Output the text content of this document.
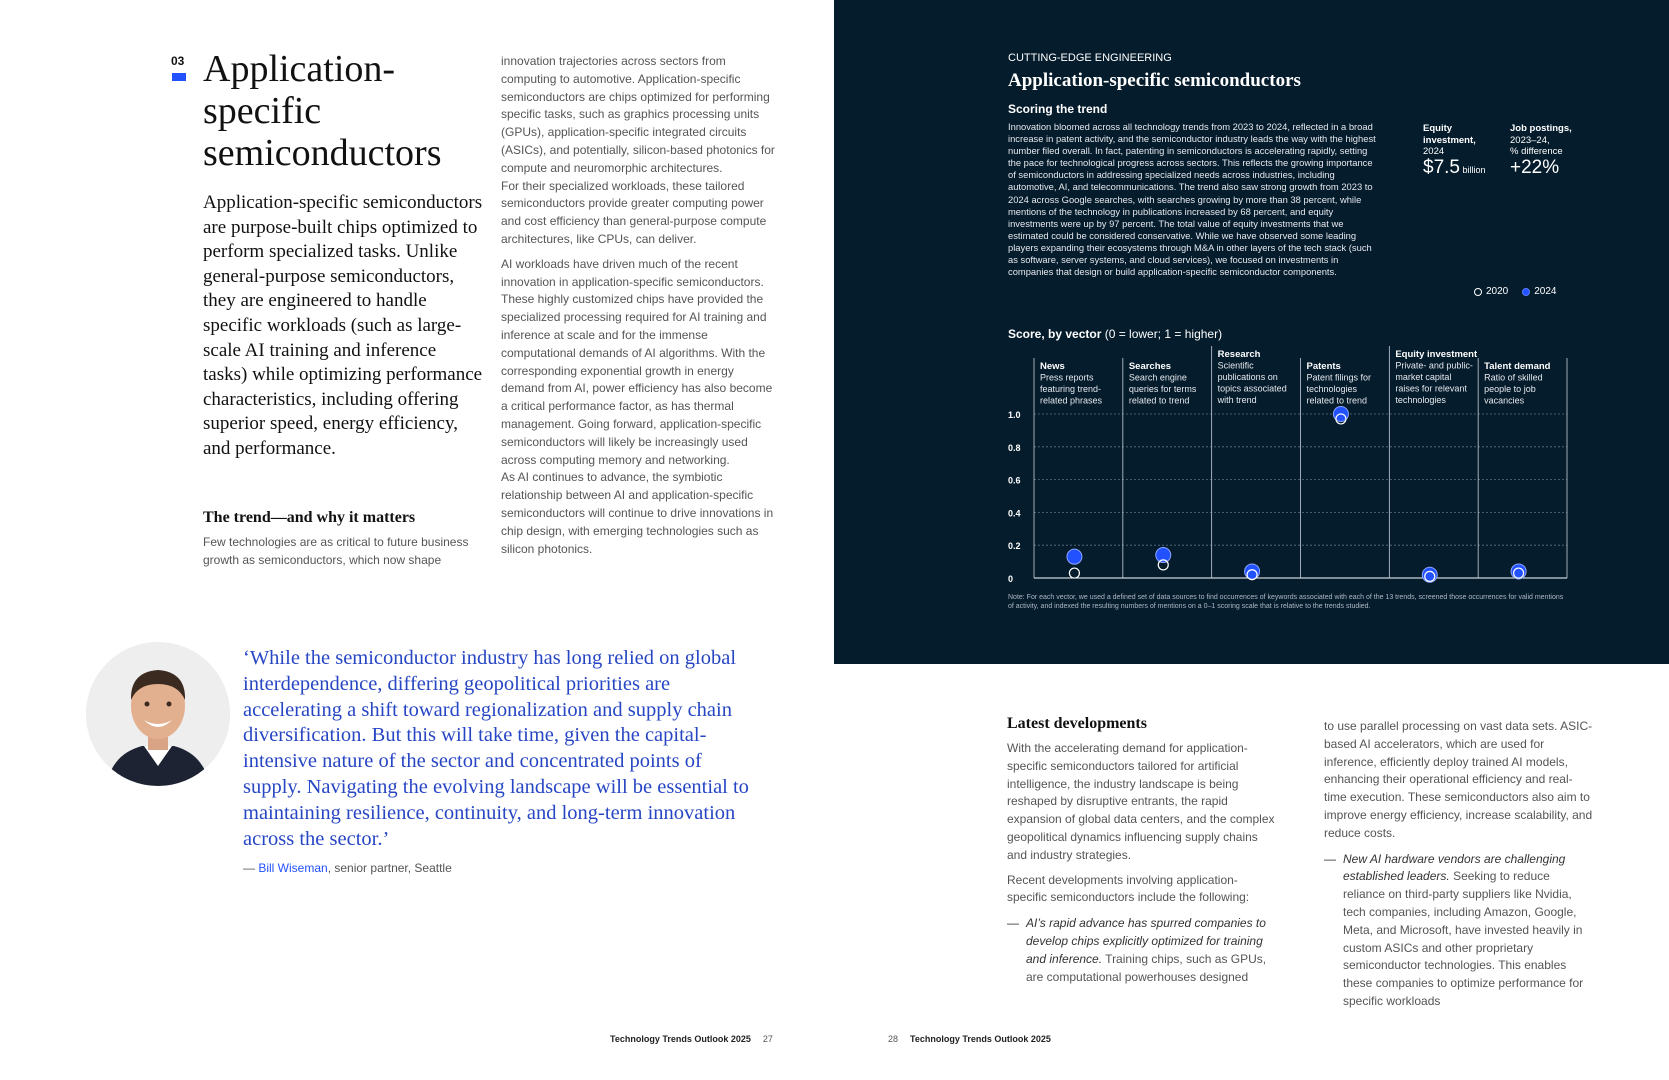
03 Application-specific semiconductors

Application-specific semiconductors are purpose-built chips optimized to perform specialized tasks. Unlike general-purpose semiconductors, they are engineered to handle specific workloads (such as large-scale AI training and inference tasks) while optimizing performance characteristics, including offering superior speed, energy efficiency, and performance.

The trend—and why it matters

Few technologies are as critical to future business growth as semiconductors, which now shape

innovation trajectories across sectors from computing to automotive. Application-specific semiconductors are chips optimized for performing specific tasks, such as graphics processing units (GPUs), application-specific integrated circuits (ASICs), and potentially, silicon-based photonics for compute and neuromorphic architectures.

For their specialized workloads, these tailored semiconductors provide greater computing power and cost efficiency than general-purpose compute architectures, like CPUs, can deliver.

AI workloads have driven much of the recent innovation in application-specific semiconductors. These highly customized chips have provided the specialized processing required for AI training and inference at scale and for the immense computational demands of AI algorithms. With the corresponding exponential growth in energy demand from AI, power efficiency has also become a critical performance factor, as has thermal management. Going forward, application-specific semiconductors will likely be increasingly used across computing memory and networking.

As AI continues to advance, the symbiotic relationship between AI and application-specific semiconductors will continue to drive innovations in chip design, with emerging technologies such as silicon photonics.

‘While the semiconductor industry has long relied on global interdependence, differing geopolitical priorities are accelerating a shift toward regionalization and supply chain diversification. But this will take time, given the capital-intensive nature of the sector and concentrated points of supply. Navigating the evolving landscape will be essential to maintaining resilience, continuity, and long-term innovation across the sector.’

— Bill Wiseman, senior partner, Seattle
Technology Trends Outlook 2025 27
CUTTING-EDGE ENGINEERING
Application-specific semiconductors
Scoring the trend

Innovation bloomed across all technology trends from 2023 to 2024, reflected in a broad increase in patent activity, and the semiconductor industry leads the way with the highest number filed overall. In fact, patenting in semiconductors is accelerating rapidly, setting the pace for technological progress across sectors. This reflects the growing importance of semiconductors in addressing specialized needs across industries, including automotive, AI, and telecommunications. The trend also saw strong growth from 2023 to 2024 across Google searches, with searches growing by more than 38 percent, while mentions of the technology in publications increased by 68 percent, and equity investments were up by 97 percent. The total value of equity investments that we estimated could be considered conservative. While we have observed some leading players expanding their ecosystems through M&A in other layers of the tech stack (such as software, server systems, and cloud services), we focused on investments in companies that design or build application-specific semiconductor components.

Equity
investment,
2024
$7.5 billion
Job postings,
2023–24,
% difference
+22%
2020	2024
Score, by vector (0 = lower; 1 = higher)
0
0.2
0.4
0.6
0.8
1.0
News
Press reports
featuring trend-
related phrases
Searches
Search engine
queries for terms
related to trend
Research
Scientific
publications on
topics associated
with trend
Patents
Patent filings for
technologies
related to trend
Equity investment
Private- and public-
market capital
raises for relevant
technologies
Talent demand
Ratio of skilled
people to job
vacancies

Note: For each vector, we used a defined set of data sources to find occurrences of keywords associated with each of the 13 trends, screened those occurrences for valid mentions of activity, and indexed the resulting numbers of mentions on a 0–1 scoring scale that is relative to the trends studied.

Latest developments

With the accelerating demand for application-specific semiconductors tailored for artificial intelligence, the industry landscape is being reshaped by disruptive entrants, the rapid expansion of global data centers, and the complex geopolitical dynamics influencing supply chains and industry strategies.

Recent developments involving application-specific semiconductors include the following:

— AI’s rapid advance has spurred companies to develop chips explicitly optimized for training and inference. Training chips, such as GPUs, are computational powerhouses designed

to use parallel processing on vast data sets. ASIC-based AI accelerators, which are used for inference, efficiently deploy trained AI models, enhancing their operational efficiency and real-time execution. These semiconductors also aim to improve energy efficiency, increase scalability, and reduce costs.

— New AI hardware vendors are challenging established leaders. Seeking to reduce reliance on third-party suppliers like Nvidia, tech companies, including Amazon, Google, Meta, and Microsoft, have invested heavily in custom ASICs and other proprietary semiconductor technologies. This enables these companies to optimize performance for specific workloads
28 Technology Trends Outlook 2025
